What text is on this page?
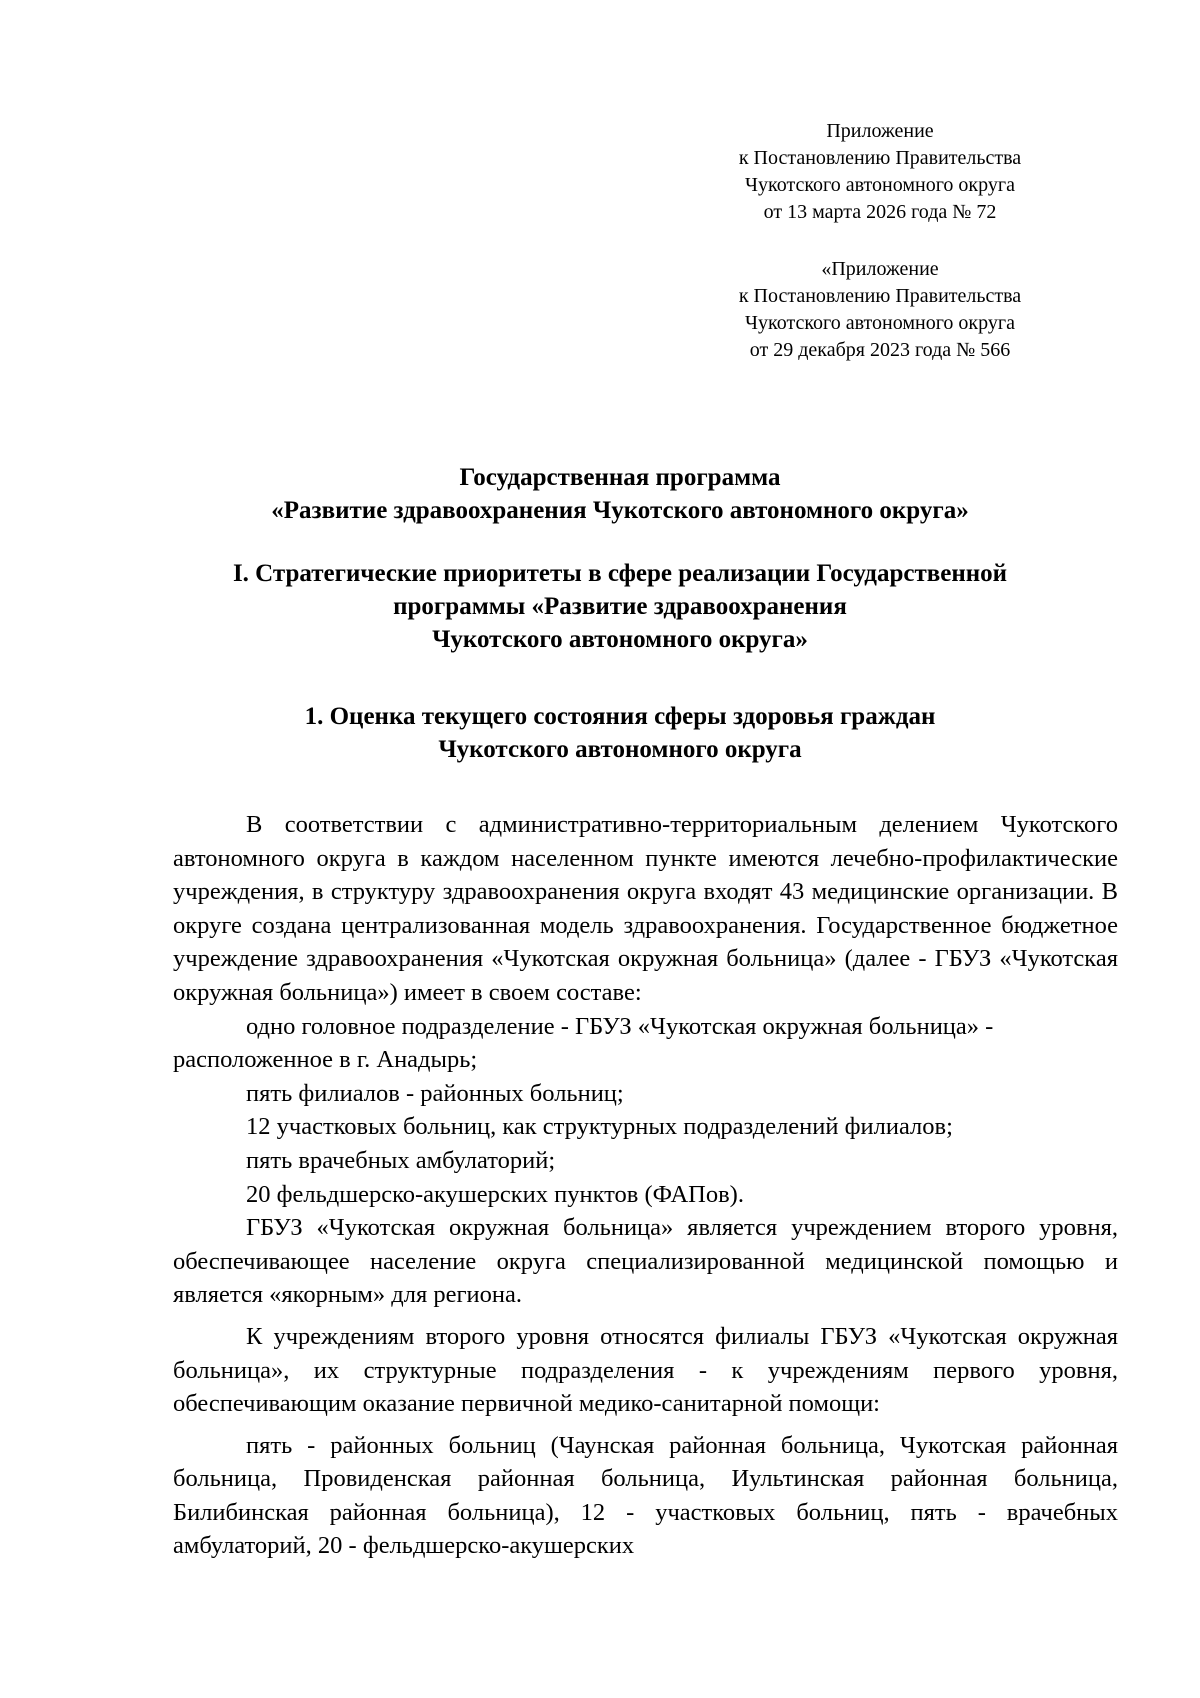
Приложение
к Постановлению Правительства
Чукотского автономного округа
от 13 марта 2026 года № 72
«Приложение
к Постановлению Правительства
Чукотского автономного округа
от 29 декабря 2023 года № 566
Государственная программа
«Развитие здравоохранения Чукотского автономного округа»
I. Стратегические приоритеты в сфере реализации Государственной
программы «Развитие здравоохранения
Чукотского автономного округа»
1. Оценка текущего состояния сферы здоровья граждан
Чукотского автономного округа

В соответствии с административно-территориальным делением Чукотского автономного округа в каждом населенном пункте имеются лечебно-профилактические учреждения, в структуру здравоохранения округа входят 43 медицинские организации. В округе создана централизованная модель здравоохранения. Государственное бюджетное учреждение здравоохранения «Чукотская окружная больница» (далее - ГБУЗ «Чукотская окружная больница») имеет в своем составе:

одно головное подразделение - ГБУЗ «Чукотская окружная больница» - расположенное в г. Анадырь;

пять филиалов - районных больниц;

12 участковых больниц, как структурных подразделений филиалов;

пять врачебных амбулаторий;

20 фельдшерско-акушерских пунктов (ФАПов).

ГБУЗ «Чукотская окружная больница» является учреждением второго уровня, обеспечивающее население округа специализированной медицинской помощью и является «якорным» для региона.

К учреждениям второго уровня относятся филиалы ГБУЗ «Чукотская окружная больница», их структурные подразделения - к учреждениям первого уровня, обеспечивающим оказание первичной медико-санитарной помощи:

пять - районных больниц (Чаунская районная больница, Чукотская районная больница, Провиденская районная больница, Иультинская районная больница, Билибинская районная больница), 12 - участковых больниц, пять - врачебных амбулаторий, 20 - фельдшерско-акушерских
